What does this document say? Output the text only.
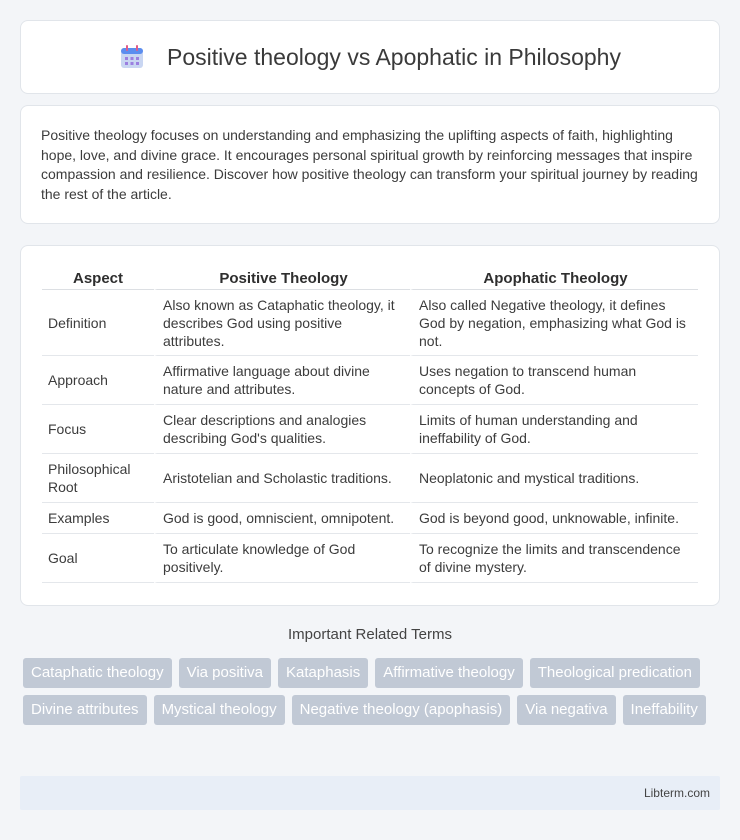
Positive theology vs Apophatic in Philosophy

Positive theology focuses on understanding and emphasizing the uplifting aspects of faith, highlighting hope, love, and divine grace. It encourages personal spiritual growth by reinforcing messages that inspire compassion and resilience. Discover how positive theology can transform your spiritual journey by reading the rest of the article.

Aspect	Positive Theology	Apophatic Theology
Definition	Also known as Cataphatic theology, it describes God using positive attributes.	Also called Negative theology, it defines God by negation, emphasizing what God is not.
Approach	Affirmative language about divine nature and attributes.	Uses negation to transcend human concepts of God.
Focus	Clear descriptions and analogies describing God's qualities.	Limits of human understanding and ineffability of God.
Philosophical Root	Aristotelian and Scholastic traditions.	Neoplatonic and mystical traditions.
Examples	God is good, omniscient, omnipotent.	God is beyond good, unknowable, infinite.
Goal	To articulate knowledge of God positively.	To recognize the limits and transcendence of divine mystery.
Important Related Terms
Cataphatic theology	Via positiva	Kataphasis	Affirmative theology	Theological predication
Divine attributes	Mystical theology	Negative theology (apophasis)	Via negativa	Ineffability
Libterm.com
